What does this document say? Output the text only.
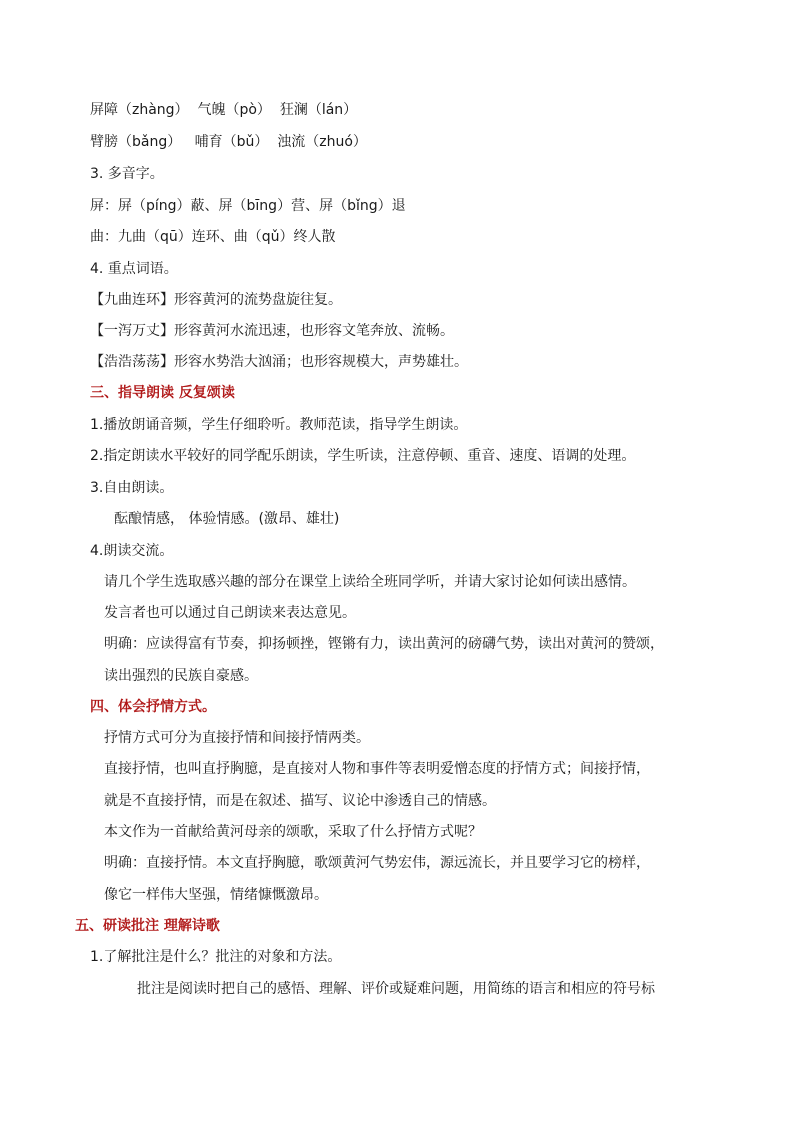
屏障（zhàng）  气魄（pò）  狂澜（lán）

臂膀（bǎng）   哺育（bǔ）  浊流（zhuó）

3. 多音字。

屏：屏（píng）蔽、屏（bīng）营、屏（bǐng）退

曲：九曲（qū）连环、曲（qǔ）终人散

4. 重点词语。

【九曲连环】形容黄河的流势盘旋往复。

【一泻万丈】形容黄河水流迅速，也形容文笔奔放、流畅。

【浩浩荡荡】形容水势浩大汹涌；也形容规模大，声势雄壮。

三、指导朗读 反复颂读

1.播放朗诵音频，学生仔细聆听。教师范读，指导学生朗读。

2.指定朗读水平较好的同学配乐朗读，学生听读，注意停顿、重音、速度、语调的处理。

3.自由朗读。

酝酿情感， 体验情感。(激昂、雄壮)

4.朗读交流。

请几个学生选取感兴趣的部分在课堂上读给全班同学听，并请大家讨论如何读出感情。

发言者也可以通过自己朗读来表达意见。

明确：应读得富有节奏，抑扬顿挫，铿锵有力，读出黄河的磅礴气势，读出对黄河的赞颂，

读出强烈的民族自豪感。

四、体会抒情方式。

抒情方式可分为直接抒情和间接抒情两类。

直接抒情，也叫直抒胸臆，是直接对人物和事件等表明爱憎态度的抒情方式；间接抒情，

就是不直接抒情，而是在叙述、描写、议论中渗透自己的情感。

本文作为一首献给黄河母亲的颂歌，采取了什么抒情方式呢？

明确：直接抒情。本文直抒胸臆，歌颂黄河气势宏伟，源远流长，并且要学习它的榜样，

像它一样伟大坚强，情绪慷慨激昂。

五、研读批注 理解诗歌

1.了解批注是什么？批注的对象和方法。

批注是阅读时把自己的感悟、理解、评价或疑难问题，用简练的语言和相应的符号标
